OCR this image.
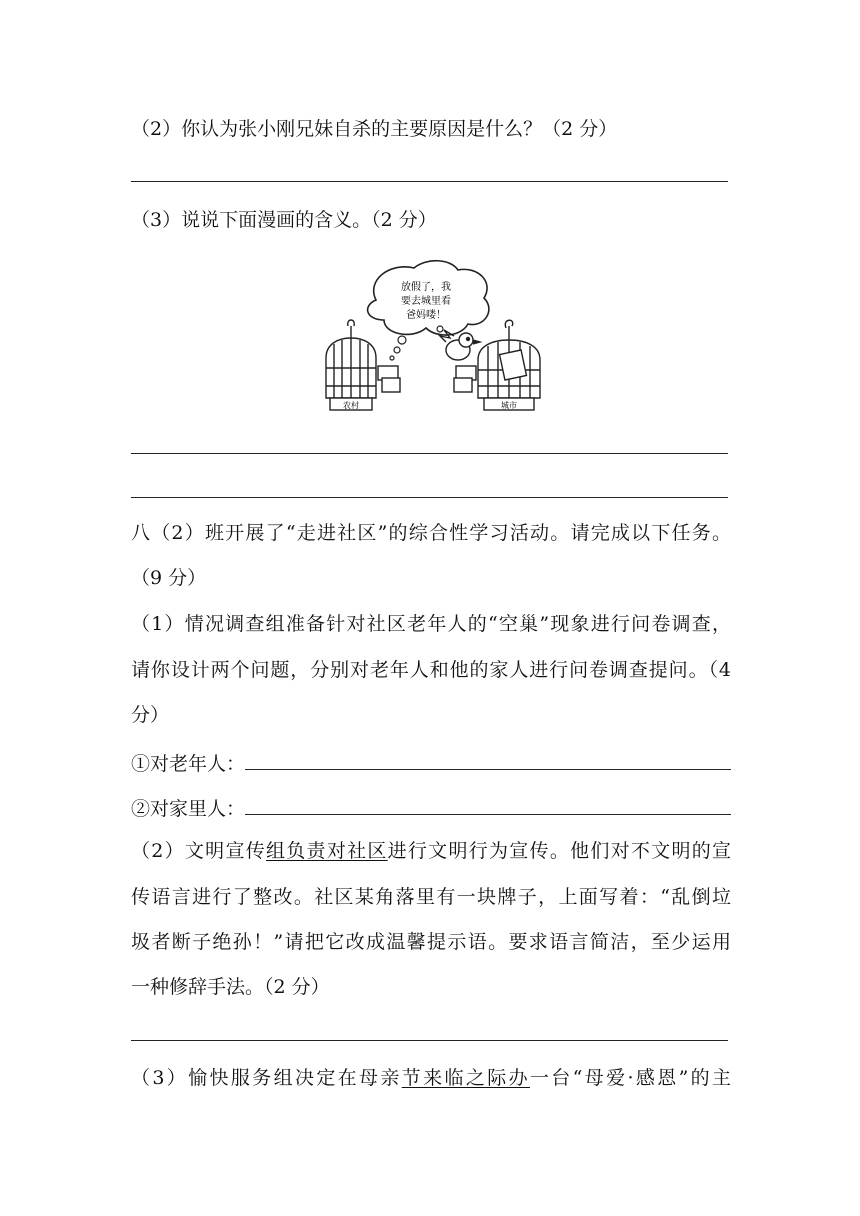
（2）你认为张小刚兄妹自杀的主要原因是什么？（2 分）
（3）说说下面漫画的含义。（2 分）
放假了，我
要去城里看
爸妈喽！
农村	城市
八（2）班开展了“走进社区”的综合性学习活动。请完成以下任务。
（9 分）
（1）情况调查组准备针对社区老年人的“空巢”现象进行问卷调查，
请你设计两个问题，分别对老年人和他的家人进行问卷调查提问。（4
分）
①对老年人：
②对家里人：
（2）文明宣传组负责对社区进行文明行为宣传。他们对不文明的宣
传语言进行了整改。社区某角落里有一块牌子，上面写着：“乱倒垃
圾者断子绝孙！”请把它改成温馨提示语。要求语言简洁，至少运用
一种修辞手法。（2 分）
（3）愉快服务组决定在母亲节来临之际办一台“母爱·感恩”的主
